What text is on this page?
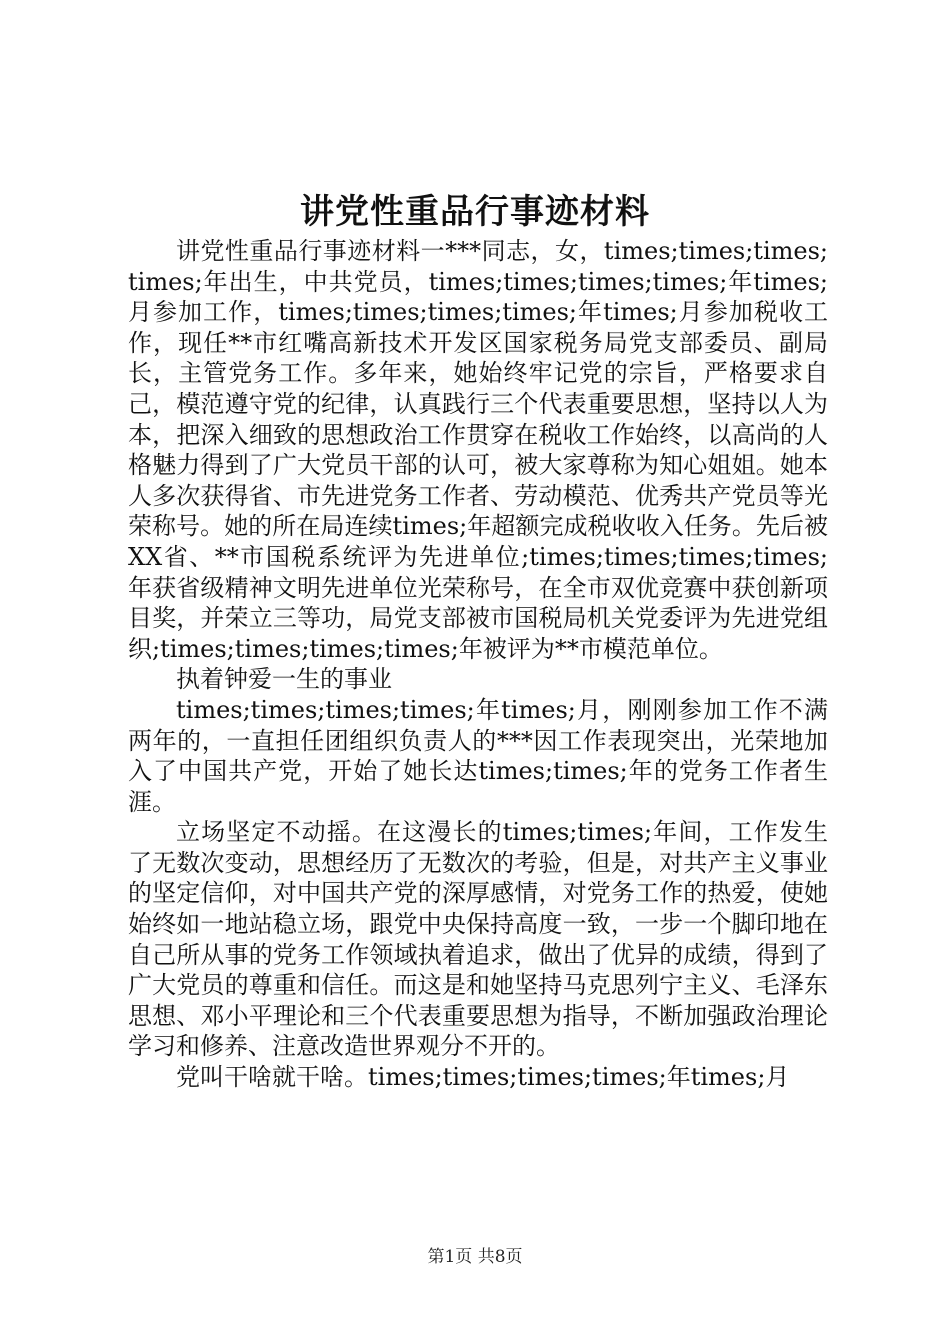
讲党性重品行事迹材料

讲党性重品行事迹材料一***同志，女，times;times;times;times;年出生，中共党员，times;times;times;times;年times;月参加工作，times;times;times;times;年times;月参加税收工作，现任**市红嘴高新技术开发区国家税务局党支部委员、副局长，主管党务工作。多年来，她始终牢记党的宗旨，严格要求自己，模范遵守党的纪律，认真践行三个代表重要思想，坚持以人为本，把深入细致的思想政治工作贯穿在税收工作始终，以高尚的人格魅力得到了广大党员干部的认可，被大家尊称为知心姐姐。她本人多次获得省、市先进党务工作者、劳动模范、优秀共产党员等光荣称号。她的所在局连续times;年超额完成税收收入任务。先后被XX省、**市国税系统评为先进单位;times;times;times;times;年获省级精神文明先进单位光荣称号，在全市双优竞赛中获创新项目奖，并荣立三等功，局党支部被市国税局机关党委评为先进党组织;times;times;times;times;年被评为**市模范单位。

执着钟爱一生的事业

times;times;times;times;年times;月，刚刚参加工作不满两年的，一直担任团组织负责人的***因工作表现突出，光荣地加入了中国共产党，开始了她长达times;times;年的党务工作者生涯。

立场坚定不动摇。在这漫长的times;times;年间，工作发生了无数次变动，思想经历了无数次的考验，但是，对共产主义事业的坚定信仰，对中国共产党的深厚感情，对党务工作的热爱，使她始终如一地站稳立场，跟党中央保持高度一致，一步一个脚印地在自己所从事的党务工作领域执着追求，做出了优异的成绩，得到了广大党员的尊重和信任。而这是和她坚持马克思列宁主义、毛泽东思想、邓小平理论和三个代表重要思想为指导，不断加强政治理论学习和修养、注意改造世界观分不开的。

党叫干啥就干啥。times;times;times;times;年times;月

第1页 共8页
